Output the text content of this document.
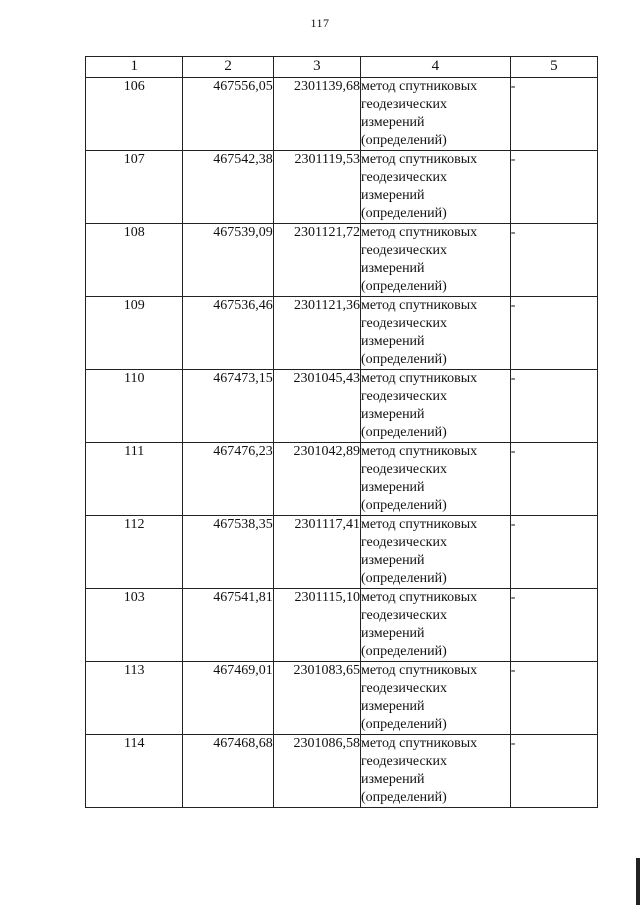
117
1	2	3	4	5
106	467556,05	2301139,68	метод спутниковых
геодезических
измерений
(определений)	-
107	467542,38	2301119,53	метод спутниковых
геодезических
измерений
(определений)	-
108	467539,09	2301121,72	метод спутниковых
геодезических
измерений
(определений)	-
109	467536,46	2301121,36	метод спутниковых
геодезических
измерений
(определений)	-
110	467473,15	2301045,43	метод спутниковых
геодезических
измерений
(определений)	-
111	467476,23	2301042,89	метод спутниковых
геодезических
измерений
(определений)	-
112	467538,35	2301117,41	метод спутниковых
геодезических
измерений
(определений)	-
103	467541,81	2301115,10	метод спутниковых
геодезических
измерений
(определений)	-
113	467469,01	2301083,65	метод спутниковых
геодезических
измерений
(определений)	-
114	467468,68	2301086,58	метод спутниковых
геодезических
измерений
(определений)	-
